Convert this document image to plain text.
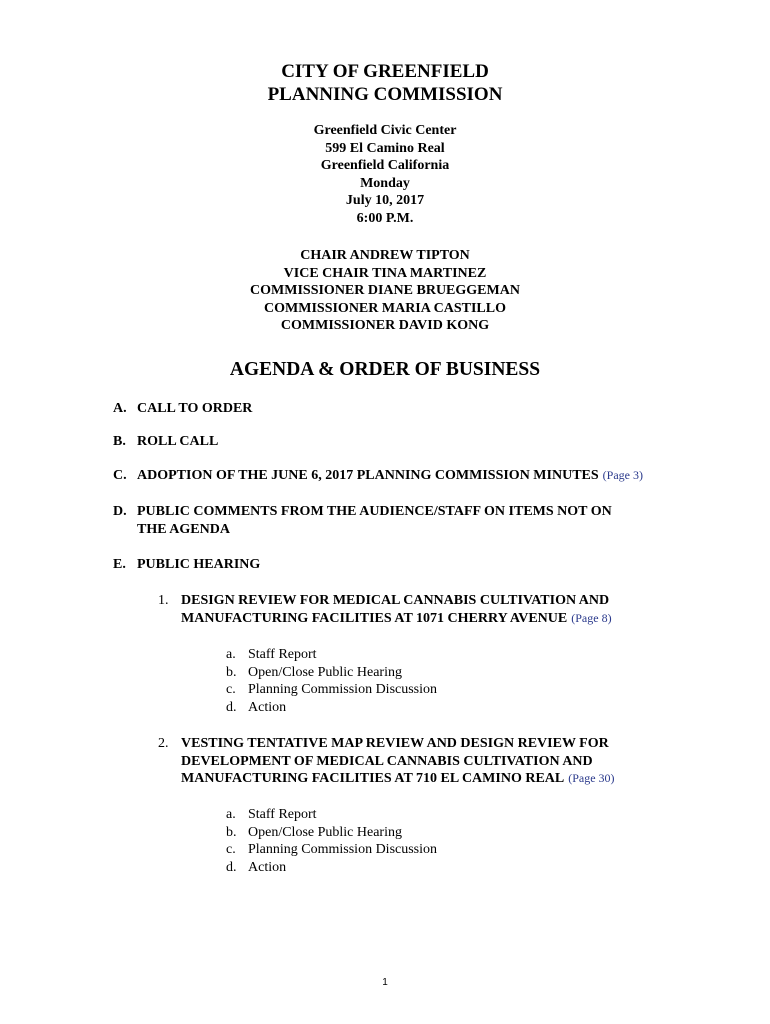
CITY OF GREENFIELD
PLANNING COMMISSION
Greenfield Civic Center
599 El Camino Real
Greenfield California
Monday
July 10, 2017
6:00 P.M.
CHAIR ANDREW TIPTON
VICE CHAIR TINA MARTINEZ
COMMISSIONER DIANE BRUEGGEMAN
COMMISSIONER MARIA CASTILLO
COMMISSIONER DAVID KONG
AGENDA & ORDER OF BUSINESS
A. CALL TO ORDER
B. ROLL CALL
C. ADOPTION OF THE JUNE 6, 2017 PLANNING COMMISSION MINUTES (Page 3)
D. PUBLIC COMMENTS FROM THE AUDIENCE/STAFF ON ITEMS NOT ON
THE AGENDA
E. PUBLIC HEARING
1. DESIGN REVIEW FOR MEDICAL CANNABIS CULTIVATION AND
MANUFACTURING FACILITIES AT 1071 CHERRY AVENUE (Page 8)
a. Staff Report
b. Open/Close Public Hearing
c. Planning Commission Discussion
d. Action
2. VESTING TENTATIVE MAP REVIEW AND DESIGN REVIEW FOR
DEVELOPMENT OF MEDICAL CANNABIS CULTIVATION AND
MANUFACTURING FACILITIES AT 710 EL CAMINO REAL (Page 30)
a. Staff Report
b. Open/Close Public Hearing
c. Planning Commission Discussion
d. Action
1
